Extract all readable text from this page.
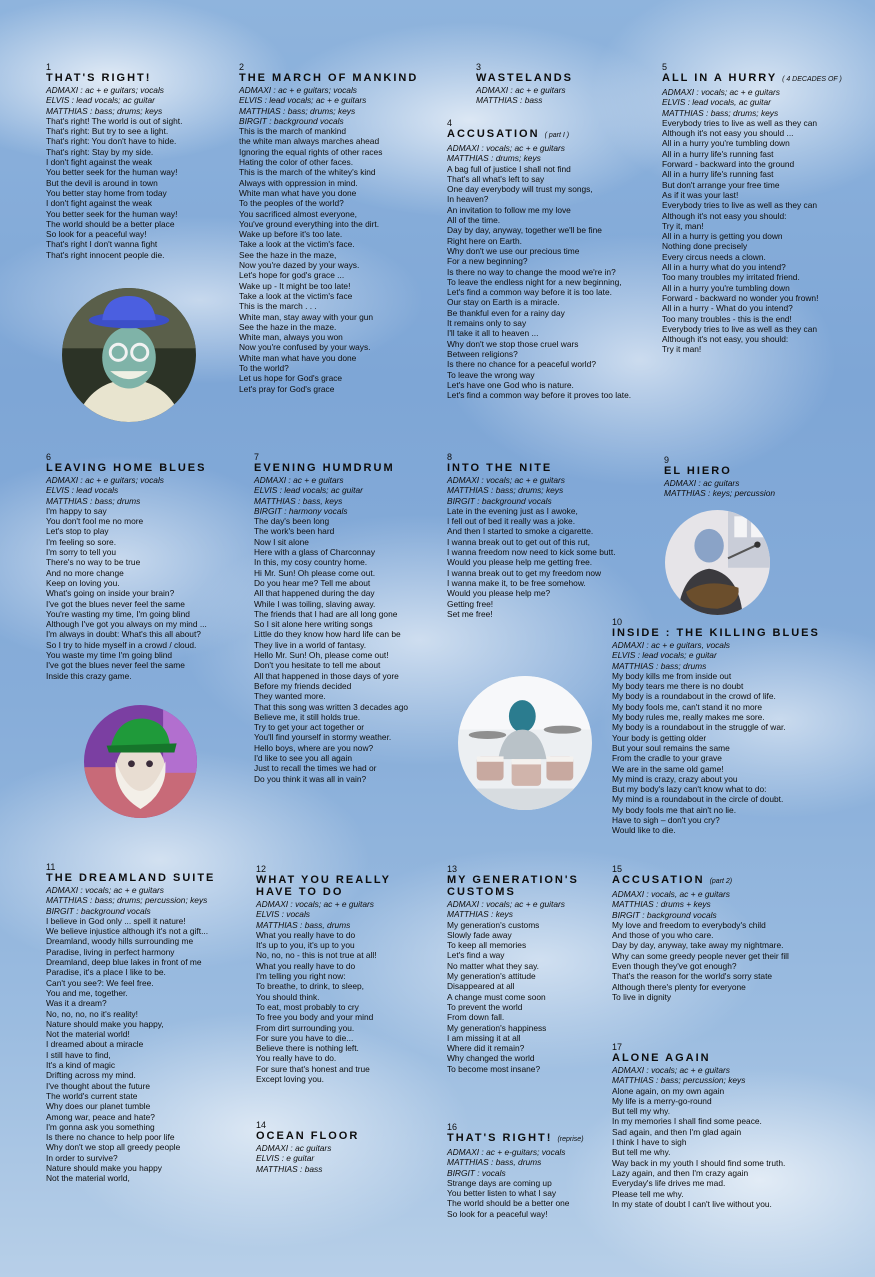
1
THAT'S RIGHT!
ADMAXI : ac + e guitars; vocals
ELVIS : lead vocals; ac guitar
MATTHIAS : bass; drums; keys
That's right! The world is out of sight.
That's right: But try to see a light.
That's right: You don't have to hide.
That's right: Stay by my side.
I don't fight against the weak
You better seek for the human way!
But the devil is around in town
You better stay home from today
I don't fight against the weak
You better seek for the human way!
The world should be a better place
So look for a peaceful way!
That's right I don't wanna fight
That's right innocent people die.
2
THE MARCH OF MANKIND
ADMAXI : ac + e guitars; vocals
ELVIS : lead vocals; ac + e guitars
MATTHIAS : bass; drums; keys
BIRGIT : background vocals
This is the march of mankind
the white man always marches ahead
Ignoring the equal rights of other races
Hating the color of other faces.
This is the march of the whitey's kind
Always with oppression in mind.
White man what have you done
To the peoples of the world?
You sacrificed almost everyone,
You've ground everything into the dirt.
Wake up before it's too late.
Take a look at the victim's face.
See the haze in the maze,
Now you're dazed by your ways.
Let's hope for god's grace ...
Wake up - It might be too late!
Take a look at the victim's face
This is the march . . .
White man, stay away with your gun
See the haze in the maze.
White man, always you won
Now you're confused by your ways.
White man what have you done
To the world?
Let us hope for God's grace
Let's pray for God's grace
3
WASTELANDS
ADMAXI : ac + e guitars
MATTHIAS : bass
4
ACCUSATION ( part I )
ADMAXI : vocals; ac + e guitars
MATTHIAS : drums; keys
A bag full of justice I shall not find
That's all what's left to say
One day everybody will trust my songs,
In heaven?
An invitation to follow me my love
All of the time.
Day by day, anyway, together we'll be fine
Right here on Earth.
Why don't we use our precious time
For a new beginning?
Is there no way to change the mood we're in?
To leave the endless night for a new beginning,
Let's find a common way before it is too late.
Our stay on Earth is a miracle.
Be thankful even for a rainy day
It remains only to say
I'll take it all to heaven ...
Why don't we stop those cruel wars
Between religions?
Is there no chance for a peaceful world?
To leave the wrong way
Let's have one God who is nature.
Let's find a common way before it proves too late.
5
ALL IN A HURRY ( 4 DECADES OF )
ADMAXI : vocals; ac + e guitars
ELVIS : lead vocals, ac guitar
MATTHIAS : bass; drums; keys
Everybody tries to live as well as they can
Although it's not easy you should ...
All in a hurry you're tumbling down
All in a hurry life's running fast
Forward - backward into the ground
All in a hurry life's running fast
But don't arrange your free time
As if it was your last!
Everybody tries to live as well as they can
Although it's not easy you should:
Try it, man!
All in a hurry is getting you down
Nothing done precisely
Every circus needs a clown.
All in a hurry what do you intend?
Too many troubles my irritated friend.
All in a hurry you're tumbling down
Forward - backward no wonder you frown!
All in a hurry - What do you intend?
Too many troubles - this is the end!
Everybody tries to live as well as they can
Although it's not easy, you should:
Try it man!
6
LEAVING HOME BLUES
ADMAXI : ac + e guitars; vocals
ELVIS : lead vocals
MATTHIAS : bass; drums
I'm happy to say
You don't fool me no more
Let's stop to play
I'm feeling so sore.
I'm sorry to tell you
There's no way to be true
And no more change
Keep on loving you.
What's going on inside your brain?
I've got the blues never feel the same
You're wasting my time, I'm going blind
Although I've got you always on my mind ...
I'm always in doubt: What's this all about?
So I try to hide myself in a crowd / cloud.
You waste my time I'm going blind
I've got the blues never feel the same
Inside this crazy game.
7
EVENING HUMDRUM
ADMAXI : ac + e guitars
ELVIS : lead vocals; ac guitar
MATTHIAS : bass, keys
BIRGIT : harmony vocals
The day's been long
The work's been hard
Now I sit alone
Here with a glass of Charconnay
In this, my cosy country home.
Hi Mr. Sun! Oh please come out.
Do you hear me? Tell me about
All that happened during the day
While I was toiling, slaving away.
The friends that I had are all long gone
So I sit alone here writing songs
Little do they know how hard life can be
They live in a world of fantasy.
Hello Mr. Sun! Oh, please come out!
Don't you hesitate to tell me about
All that happened in those days of yore
Before my friends decided
They wanted more.
That this song was written 3 decades ago
Believe me, it still holds true.
Try to get your act together or
You'll find yourself in stormy weather.
Hello boys, where are you now?
I'd like to see you all again
Just to recall the times we had or
Do you think it was all in vain?
8
INTO THE NITE
ADMAXI : vocals; ac + e guitars
MATTHIAS : bass; drums; keys
BIRGIT : background vocals
Late in the evening just as I awoke,
I fell out of bed it really was a joke.
And then I started to smoke a cigarette.
I wanna break out to get out of this rut,
I wanna freedom now need to kick some butt.
Would you please help me getting free.
I wanna break out to get my freedom now
I wanna make it, to be free somehow.
Would you please help me?
Getting free!
Set me free!
9
EL HIERO
ADMAXI : ac guitars
MATTHIAS : keys; percussion
10
INSIDE : THE KILLING BLUES
ADMAXI : ac + e guitars, vocals
ELVIS : lead vocals; e guitar
MATTHIAS : bass; drums
My body kills me from inside out
My body tears me there is no doubt
My body is a roundabout in the crowd of life.
My body fools me, can't stand it no more
My body rules me, really makes me sore.
My body is a roundabout in the struggle of war.
Your body is getting older
But your soul remains the same
From the cradle to your grave
We are in the same old game!
My mind is crazy, crazy about you
But my body's lazy can't know what to do:
My mind is a roundabout in the circle of doubt.
My body fools me that ain't no lie.
Have to sigh – don't you cry?
Would like to die.
11
THE DREAMLAND SUITE
ADMAXI : vocals; ac + e guitars
MATTHIAS : bass; drums; percussion; keys
BIRGIT : background vocals
I believe in God only ... spell it nature!
We believe injustice although it's not a gift...
Dreamland, woody hills surrounding me
Paradise, living in perfect harmony
Dreamland, deep blue lakes in front of me
Paradise, it's a place I like to be.
Can't you see?: We feel free.
You and me, together.
Was it a dream?
No, no, no, no it's reality!
Nature should make you happy,
Not the material world!
I dreamed about a miracle
I still have to find,
It's a kind of magic
Drifting across my mind.
I've thought about the future
The world's current state
Why does our planet tumble
Among war, peace and hate?
I'm gonna ask you something
Is there no chance to help poor life
Why don't we stop all greedy people
In order to survive?
Nature should make you happy
Not the material world,
12
WHAT YOU REALLY
HAVE TO DO
ADMAXI : vocals; ac + e guitars
ELVIS : vocals
MATTHIAS : bass, drums
What you really have to do
It's up to you, it's up to you
No, no, no - this is not true at all!
What you really have to do
I'm telling you right now:
To breathe, to drink, to sleep,
You should think.
To eat, most probably to cry
To free you body and your mind
From dirt surrounding you.
For sure you have to die...
Believe there is nothing left.
You really have to do.
For sure that's honest and true
Except loving you.
13
MY GENERATION'S
CUSTOMS
ADMAXI : vocals; ac + e guitars
MATTHIAS : keys
My generation's customs
Slowly fade away
To keep all memories
Let's find a way
No matter what they say.
My generation's attitude
Disappeared at all
A change must come soon
To prevent the world
From down fall.
My generation's happiness
I am missing it at all
Where did it remain?
Why changed the world
To become most insane?
14
OCEAN FLOOR
ADMAXI : ac guitars
ELVIS : e guitar
MATTHIAS : bass
15
ACCUSATION (part 2)
ADMAXI : vocals, ac + e guitars
MATTHIAS : drums + keys
BIRGIT : background vocals
My love and freedom to everybody's child
And those of you who care.
Day by day, anyway, take away my nightmare.
Why can some greedy people never get their fill
Even though they've got enough?
That's the reason for the world's sorry state
Although there's plenty for everyone
To live in dignity
16
THAT'S RIGHT! (reprise)
ADMAXI : ac + e-guitars; vocals
MATTHIAS : bass, drums
BIRGIT : vocals
Strange days are coming up
You better listen to what I say
The world should be a better one
So look for a peaceful way!
17
ALONE AGAIN
ADMAXI : vocals; ac + e guitars
MATTHIAS : bass; percussion; keys
Alone again, on my own again
My life is a merry-go-round
But tell my why.
In my memories I shall find some peace.
Sad again, and then I'm glad again
I think I have to sigh
But tell me why.
Way back in my youth I should find some truth.
Lazy again, and then I'm crazy again
Everyday's life drives me mad.
Please tell me why.
In my state of doubt I can't live without you.
